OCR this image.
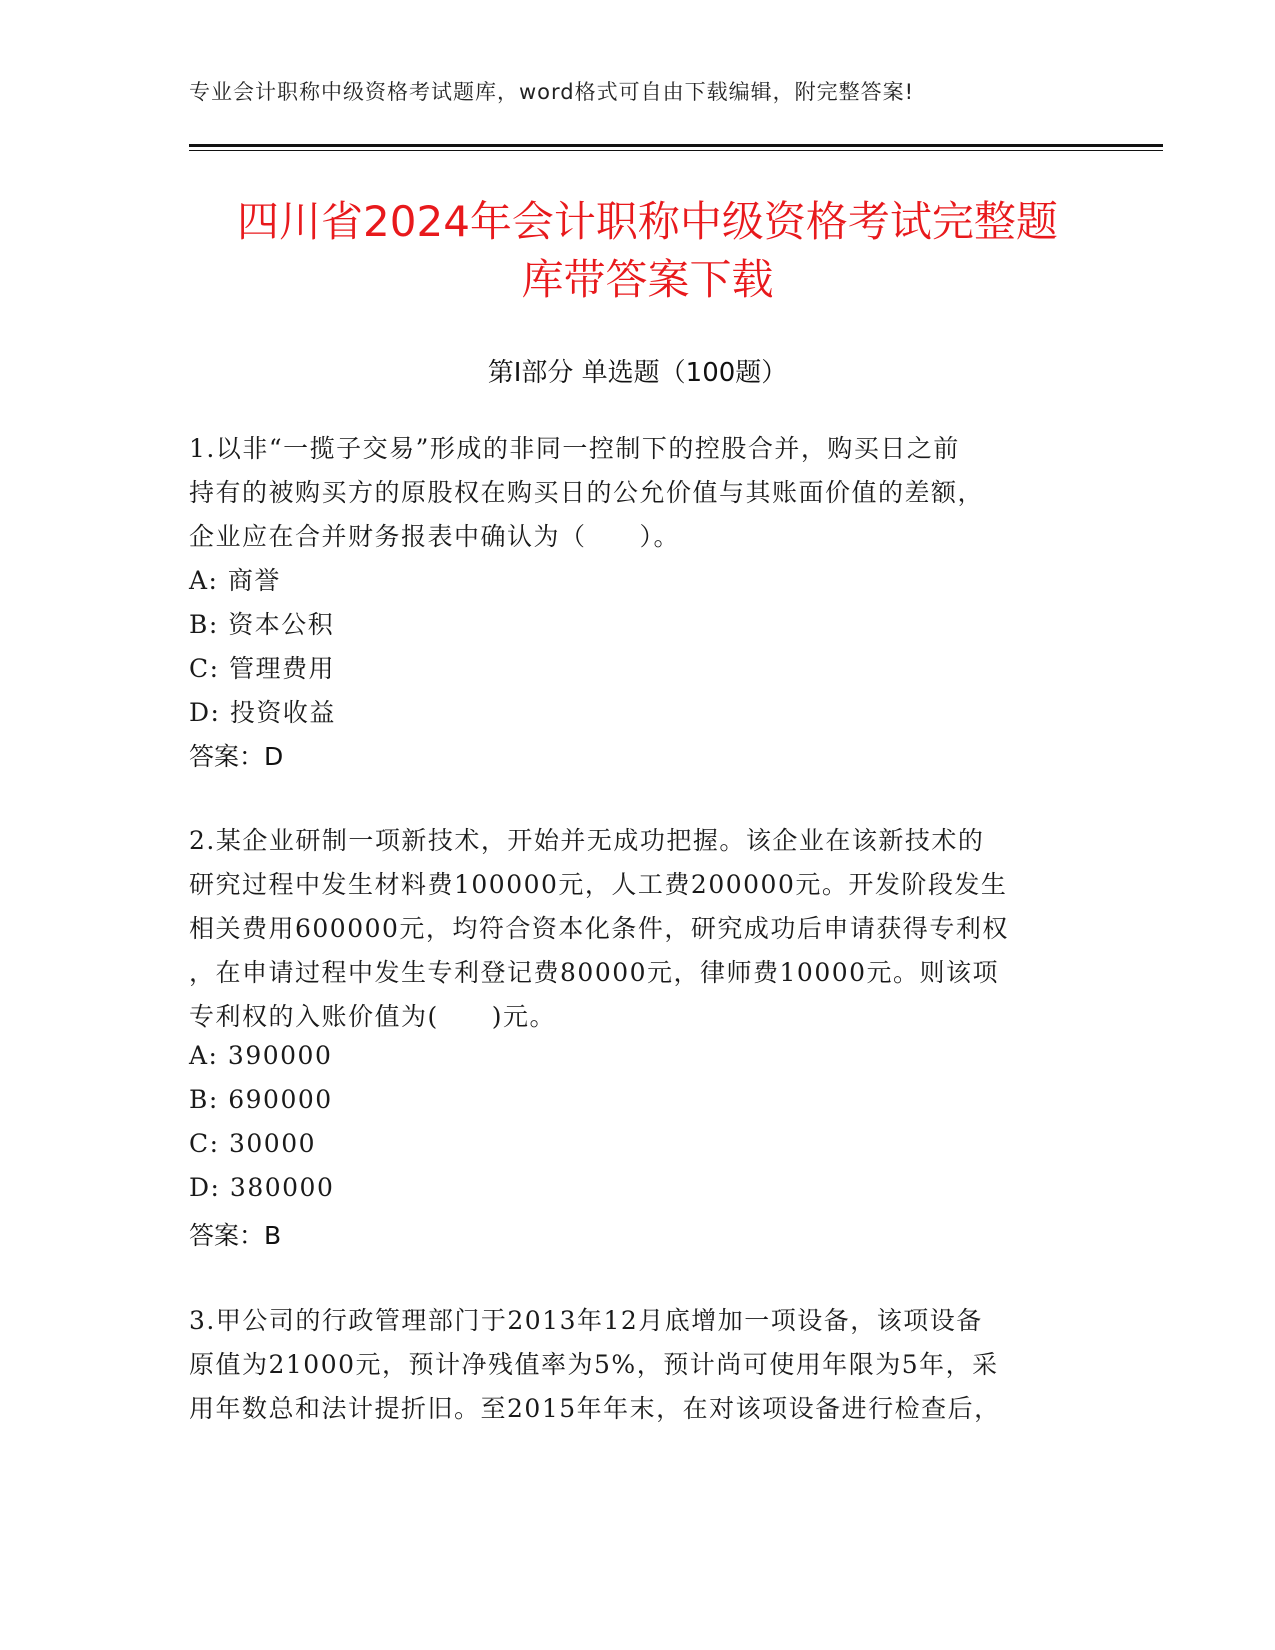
专业会计职称中级资格考试题库，word格式可自由下载编辑，附完整答案!
四川省2024年会计职称中级资格考试完整题
库带答案下载
第I部分 单选题（100题）
1.以非“一揽子交易”形成的非同一控制下的控股合并，购买日之前
持有的被购买方的原股权在购买日的公允价值与其账面价值的差额，
企业应在合并财务报表中确认为（　　）。
A: 商誉
B: 资本公积
C: 管理费用
D: 投资收益
答案：D
2.某企业研制一项新技术，开始并无成功把握。该企业在该新技术的
研究过程中发生材料费100000元，人工费200000元。开发阶段发生
相关费用600000元，均符合资本化条件，研究成功后申请获得专利权
，在申请过程中发生专利登记费80000元，律师费10000元。则该项
专利权的入账价值为(　　)元。
A: 390000
B: 690000
C: 30000
D: 380000
答案：B
3.甲公司的行政管理部门于2013年12月底增加一项设备，该项设备
原值为21000元，预计净残值率为5%，预计尚可使用年限为5年，采
用年数总和法计提折旧。至2015年年末，在对该项设备进行检查后，
